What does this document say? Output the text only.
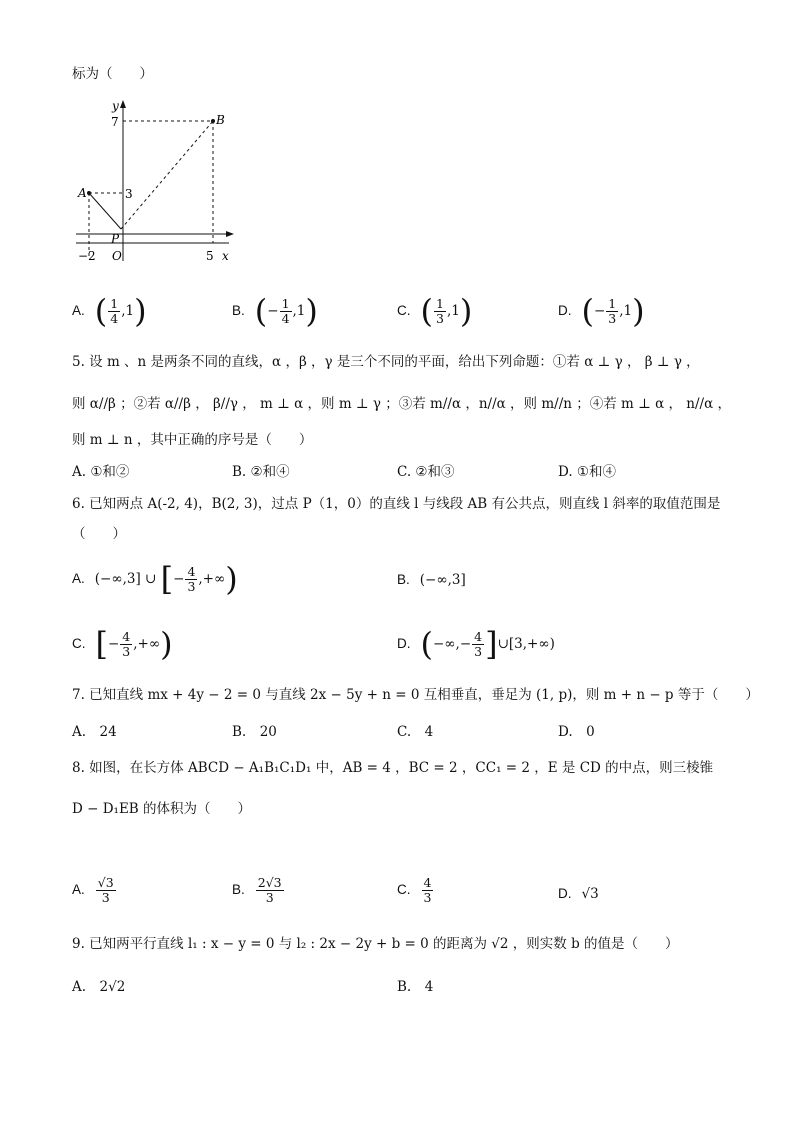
标为（　　）
y
x
O
A
B
P
7
3
−2	5
A. ( $\frac{1}{4} ,1$)	B. (− $\frac{1}{4} ,1$)	C. ( $\frac{1}{3} ,1$)	D. (− $\frac{1}{3} ,1$)
5. 设 m 、n 是两条不同的直线，α ，β ，γ 是三个不同的平面，给出下列命题：①若 α ⊥ γ ， β ⊥ γ ，
则 α//β ；②若 α//β ， β//γ ， m ⊥ α ，则 m ⊥ γ ；③若 m//α ，n//α ，则 m//n ；④若 m ⊥ α ， n//α ，
则 m ⊥ n ，其中正确的序号是（　　）
A. ①和②	B. ②和④	C. ②和③	D. ①和④
6. 已知两点 A(-2, 4)，B(2, 3)，过点 P（1，0）的直线 l 与线段 AB 有公共点，则直线 l 斜率的取值范围是
（　　）
A. (−∞,3] ∪ [− $\frac{4}{3}$ ,+∞)	B. (−∞,3]
C. [− $\frac{4}{3}$ ,+∞)	D. (−∞,− $\frac{4}{3}$ ]∪[3,+∞)
7. 已知直线 mx + 4y − 2 = 0 与直线 2x − 5y + n = 0 互相垂直，垂足为 (1, p)，则 m + n − p 等于（　　）
A.　24	B.　20	C.　4	D.　0
8. 如图，在长方体 ABCD − A₁B₁C₁D₁ 中，AB = 4 ，BC = 2 ，CC₁ = 2 ，E 是 CD 的中点，则三棱锥
D − D₁EB 的体积为（　　）
A. $\frac{√3}{3}$	B. $\frac{2√3}{3}$	C. $\frac{4}{3}$	D. √3
9. 已知两平行直线 l₁ : x − y = 0 与 l₂ : 2x − 2y + b = 0 的距离为 √2 ，则实数 b 的值是（　　）
A.　2√2	B.　4
